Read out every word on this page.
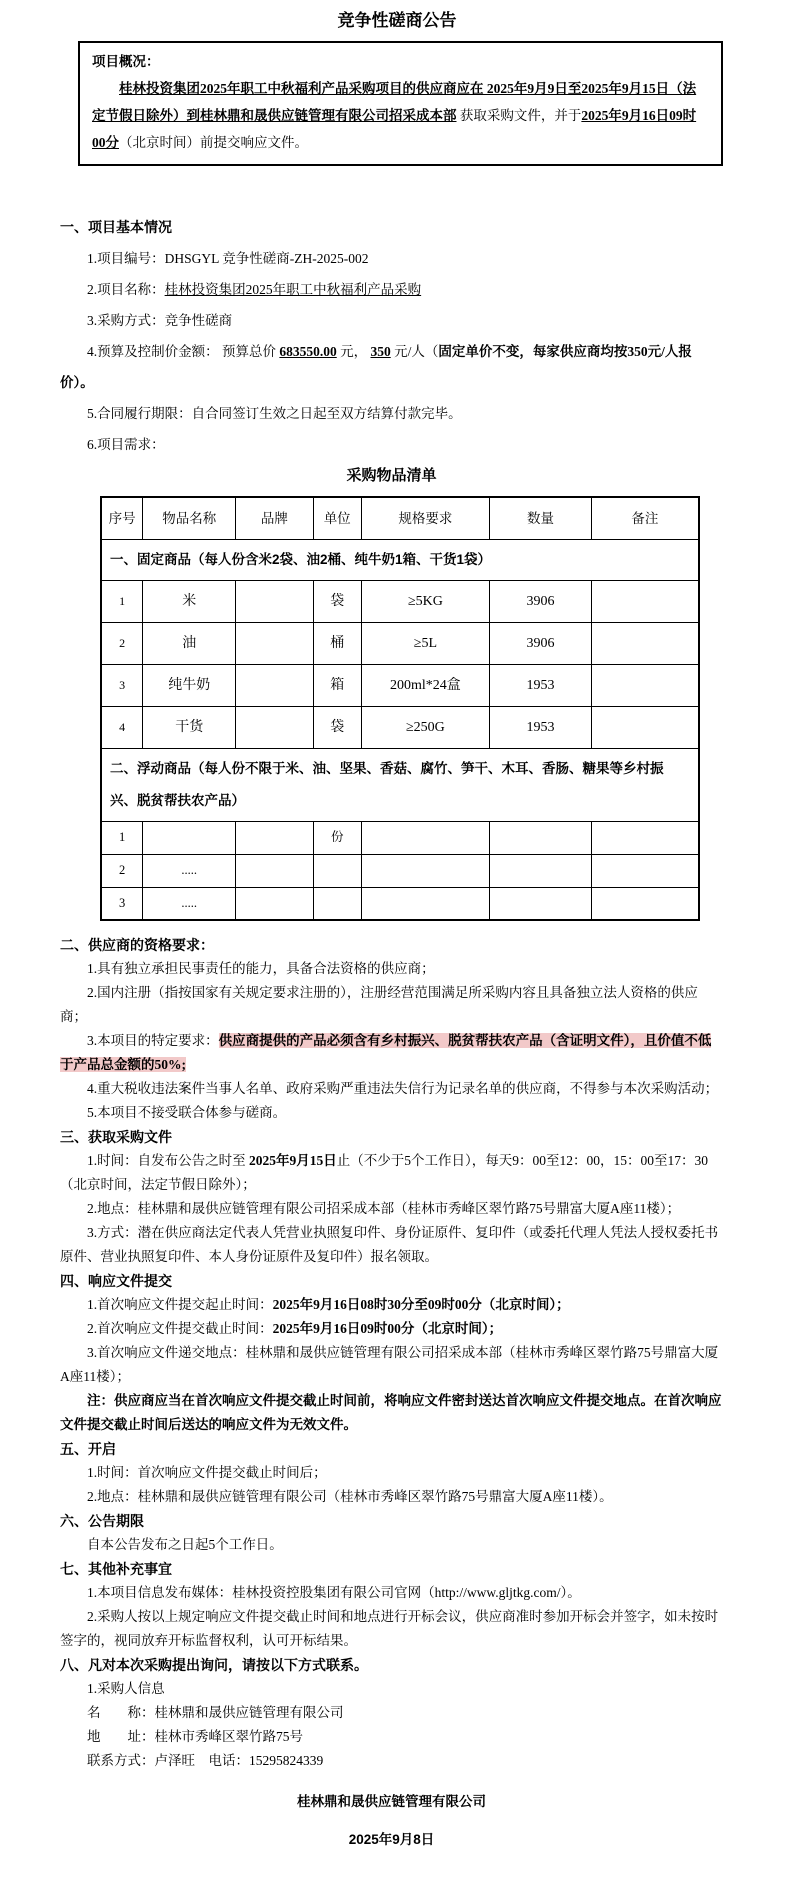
竞争性磋商公告
项目概况：

桂林投资集团2025年职工中秋福利产品采购项目的供应商应在 2025年9月9日至2025年9月15日（法定节假日除外）到桂林鼎和晟供应链管理有限公司招采成本部 获取采购文件，并于2025年9月16日09时00分（北京时间）前提交响应文件。

一、项目基本情况

1.项目编号：DHSGYL 竞争性磋商-ZH-2025-002

2.项目名称：桂林投资集团2025年职工中秋福利产品采购

3.采购方式：竞争性磋商

4.预算及控制价金额： 预算总价 683550.00 元， 350 元/人（固定单价不变，每家供应商均按350元/人报价）。

5.合同履行期限：自合同签订生效之日起至双方结算付款完毕。

6.项目需求：

采购物品清单
序号	物品名称	品牌	单位	规格要求	数量	备注
一、固定商品（每人份含米2袋、油2桶、纯牛奶1箱、干货1袋）						
1	米		袋	≥5KG	3906	
2	油		桶	≥5L	3906	
3	纯牛奶		箱	200ml*24盒	1953	
4	干货		袋	≥250G	1953	
二、浮动商品（每人份不限于米、油、坚果、香菇、腐竹、笋干、木耳、香肠、糖果等乡村振兴、脱贫帮扶农产品）						
1			份			
2	.....					
3	.....					

二、供应商的资格要求：

1.具有独立承担民事责任的能力，具备合法资格的供应商；

2.国内注册（指按国家有关规定要求注册的），注册经营范围满足所采购内容且具备独立法人资格的供应商；

3.本项目的特定要求：供应商提供的产品必须含有乡村振兴、脱贫帮扶农产品（含证明文件），且价值不低于产品总金额的50%;

4.重大税收违法案件当事人名单、政府采购严重违法失信行为记录名单的供应商，不得参与本次采购活动；

5.本项目不接受联合体参与磋商。

三、获取采购文件

1.时间：自发布公告之时至 2025年9月15日止（不少于5个工作日），每天9：00至12：00，15：00至17：30（北京时间，法定节假日除外）；

2.地点：桂林鼎和晟供应链管理有限公司招采成本部（桂林市秀峰区翠竹路75号鼎富大厦A座11楼）；

3.方式：潜在供应商法定代表人凭营业执照复印件、身份证原件、复印件（或委托代理人凭法人授权委托书原件、营业执照复印件、本人身份证原件及复印件）报名领取。

四、响应文件提交

1.首次响应文件提交起止时间：2025年9月16日08时30分至09时00分（北京时间）；

2.首次响应文件提交截止时间：2025年9月16日09时00分（北京时间）；

3.首次响应文件递交地点：桂林鼎和晟供应链管理有限公司招采成本部（桂林市秀峰区翠竹路75号鼎富大厦A座11楼）；

注：供应商应当在首次响应文件提交截止时间前，将响应文件密封送达首次响应文件提交地点。在首次响应文件提交截止时间后送达的响应文件为无效文件。

五、开启

1.时间：首次响应文件提交截止时间后；

2.地点：桂林鼎和晟供应链管理有限公司（桂林市秀峰区翠竹路75号鼎富大厦A座11楼）。

六、公告期限

自本公告发布之日起5个工作日。

七、其他补充事宜

1.本项目信息发布媒体：桂林投资控股集团有限公司官网（http://www.gljtkg.com/）。

2.采购人按以上规定响应文件提交截止时间和地点进行开标会议，供应商准时参加开标会并签字，如未按时签字的，视同放弃开标监督权利，认可开标结果。

八、凡对本次采购提出询问，请按以下方式联系。

1.采购人信息

名　　称：桂林鼎和晟供应链管理有限公司

地　　址：桂林市秀峰区翠竹路75号

联系方式：卢泽旺　电话：15295824339

桂林鼎和晟供应链管理有限公司
2025年9月8日
